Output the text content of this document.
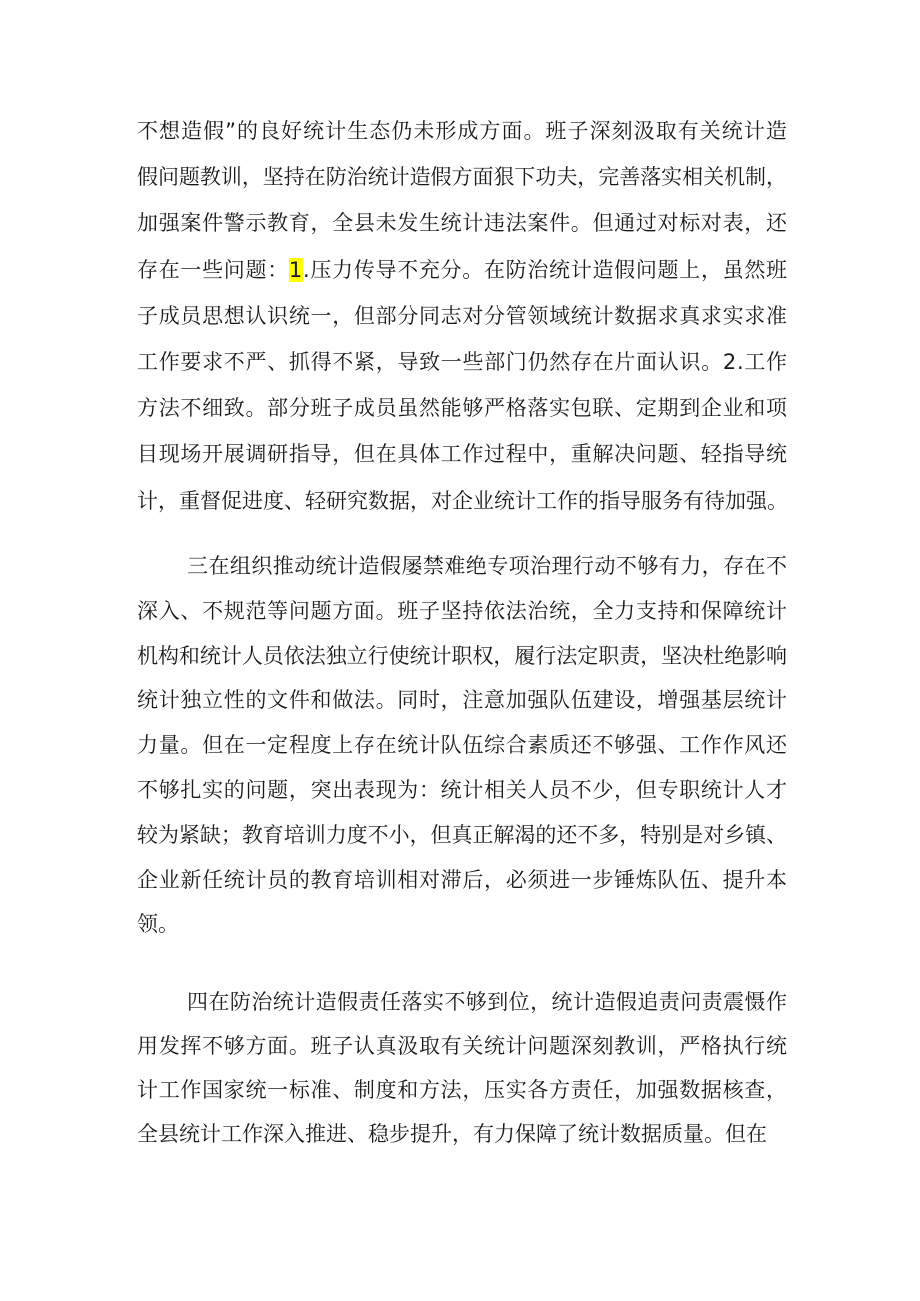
不想造假”的良好统计生态仍未形成方面。班子深刻汲取有关统计造
假问题教训，坚持在防治统计造假方面狠下功夫，完善落实相关机制，
加强案件警示教育，全县未发生统计违法案件。但通过对标对表，还
存在一些问题：1.压力传导不充分。在防治统计造假问题上，虽然班
子成员思想认识统一，但部分同志对分管领域统计数据求真求实求准
工作要求不严、抓得不紧，导致一些部门仍然存在片面认识。2.工作
方法不细致。部分班子成员虽然能够严格落实包联、定期到企业和项
目现场开展调研指导，但在具体工作过程中，重解决问题、轻指导统
计，重督促进度、轻研究数据，对企业统计工作的指导服务有待加强。
三在组织推动统计造假屡禁难绝专项治理行动不够有力，存在不
深入、不规范等问题方面。班子坚持依法治统，全力支持和保障统计
机构和统计人员依法独立行使统计职权，履行法定职责，坚决杜绝影响
统计独立性的文件和做法。同时，注意加强队伍建设，增强基层统计
力量。但在一定程度上存在统计队伍综合素质还不够强、工作作风还
不够扎实的问题，突出表现为：统计相关人员不少，但专职统计人才
较为紧缺；教育培训力度不小，但真正解渴的还不多，特别是对乡镇、
企业新任统计员的教育培训相对滞后，必须进一步锤炼队伍、提升本
领。
四在防治统计造假责任落实不够到位，统计造假追责问责震慑作
用发挥不够方面。班子认真汲取有关统计问题深刻教训，严格执行统
计工作国家统一标准、制度和方法，压实各方责任，加强数据核查，
全县统计工作深入推进、稳步提升，有力保障了统计数据质量。但在
